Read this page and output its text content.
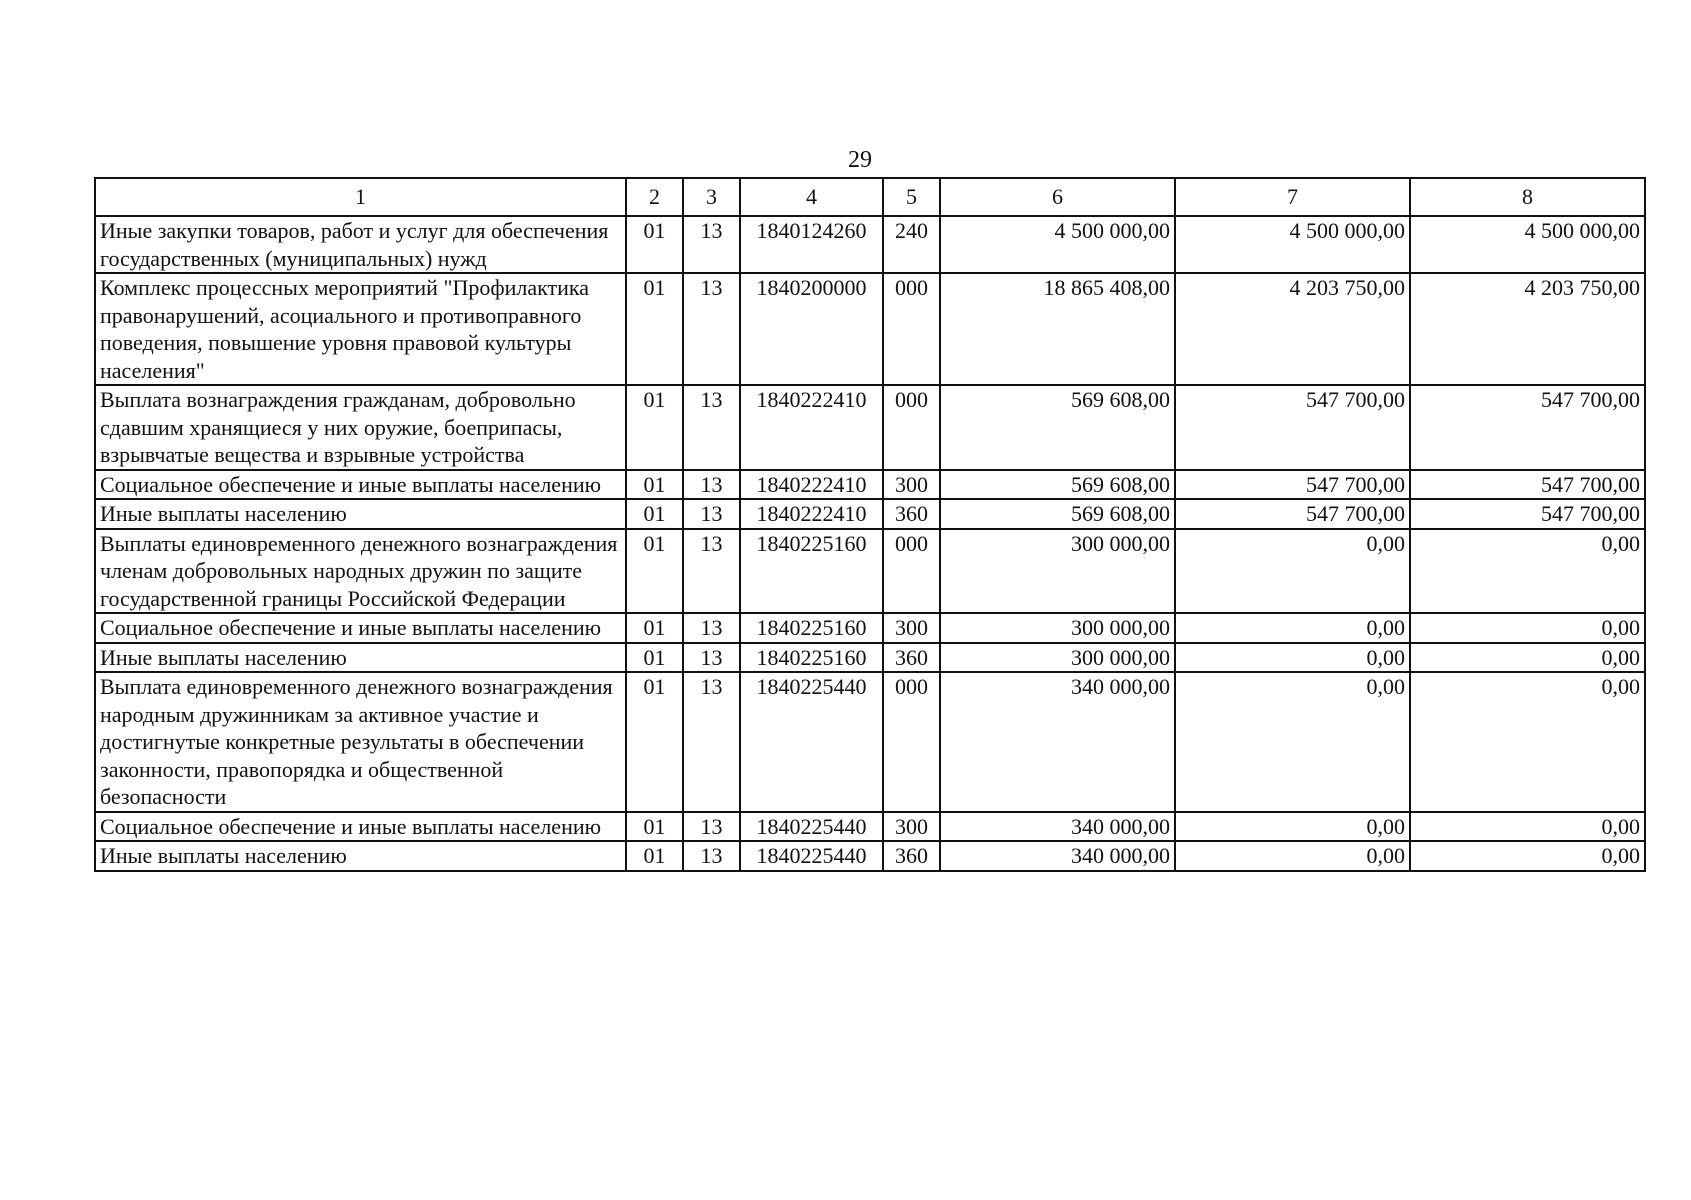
29
1	2	3	4	5	6	7	8
Иные закупки товаров, работ и услуг для обеспечения государственных (муниципальных) нужд	01	13	1840124260	240	4 500 000,00	4 500 000,00	4 500 000,00
Комплекс процессных мероприятий "Профилактика правонарушений, асоциального и противоправного поведения, повышение уровня правовой культуры населения"	01	13	1840200000	000	18 865 408,00	4 203 750,00	4 203 750,00
Выплата вознаграждения гражданам, добровольно сдавшим хранящиеся у них оружие, боеприпасы, взрывчатые вещества и взрывные устройства	01	13	1840222410	000	569 608,00	547 700,00	547 700,00
Социальное обеспечение и иные выплаты населению	01	13	1840222410	300	569 608,00	547 700,00	547 700,00
Иные выплаты населению	01	13	1840222410	360	569 608,00	547 700,00	547 700,00
Выплаты единовременного денежного вознаграждения членам добровольных народных дружин по защите государственной границы Российской Федерации	01	13	1840225160	000	300 000,00	0,00	0,00
Социальное обеспечение и иные выплаты населению	01	13	1840225160	300	300 000,00	0,00	0,00
Иные выплаты населению	01	13	1840225160	360	300 000,00	0,00	0,00
Выплата единовременного денежного вознаграждения народным дружинникам за активное участие и достигнутые конкретные результаты в обеспечении законности, правопорядка и общественной безопасности	01	13	1840225440	000	340 000,00	0,00	0,00
Социальное обеспечение и иные выплаты населению	01	13	1840225440	300	340 000,00	0,00	0,00
Иные выплаты населению	01	13	1840225440	360	340 000,00	0,00	0,00
